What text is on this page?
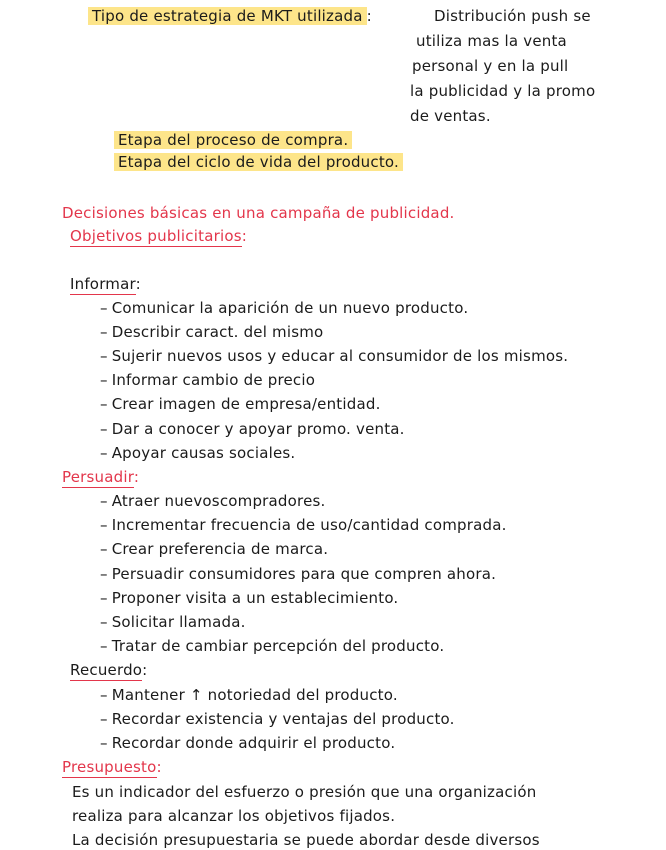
Tipo de estrategia de MKT utilizada :	Distribución push se
utiliza mas la venta
personal y en la pull
la publicidad y la promo
de ventas.
Etapa del proceso de compra.
Etapa del ciclo de vida del producto.
Decisiones básicas en una campaña de publicidad.
Objetivos publicitarios:
Informar:
– Comunicar la aparición de un nuevo producto.
– Describir caract. del mismo
– Sujerir nuevos usos y educar al consumidor de los mismos.
– Informar cambio de precio
– Crear imagen de empresa/entidad.
– Dar a conocer y apoyar promo. venta.
– Apoyar causas sociales.
Persuadir:
– Atraer nuevoscompradores.
– Incrementar frecuencia de uso/cantidad comprada.
– Crear preferencia de marca.
– Persuadir consumidores para que compren ahora.
– Proponer visita a un establecimiento.
– Solicitar llamada.
– Tratar de cambiar percepción del producto.
Recuerdo:
– Mantener ↑ notoriedad del producto.
– Recordar existencia y ventajas del producto.
– Recordar donde adquirir el producto.
Presupuesto:
Es un indicador del esfuerzo o presión que una organización
realiza para alcanzar los objetivos fijados.
La decisión presupuestaria se puede abordar desde diversos
